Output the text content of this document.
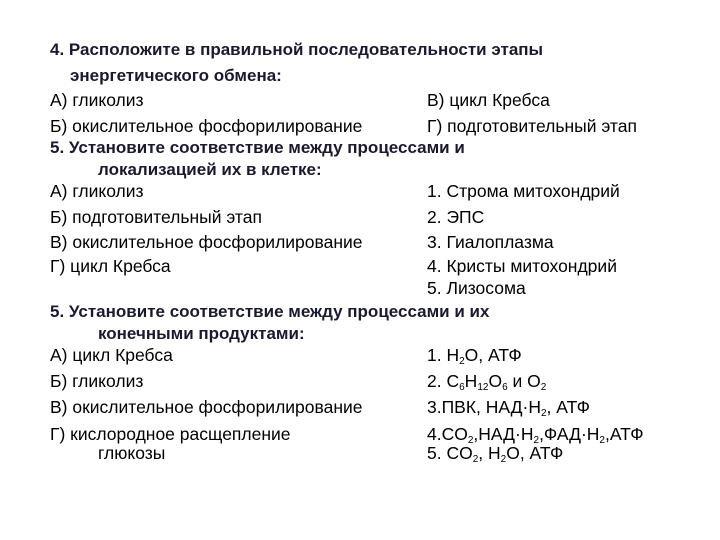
4. Расположите в правильной последовательности этапы
энергетического обмена:
А) гликолиз	В) цикл Кребса
Б) окислительное фосфорилирование	Г) подготовительный этап
5. Установите соответствие между процессами и
локализацией их в клетке:
А) гликолиз	1. Строма митохондрий
Б) подготовительный этап	2. ЭПС
В) окислительное фосфорилирование	3. Гиалоплазма
Г) цикл Кребса	4. Кристы митохондрий
5. Лизосома
5. Установите соответствие между процессами и их
конечными продуктами:
А) цикл Кребса	1. $H_2O$, АТФ
Б) гликолиз	2. $C_6H_{12}O_6$ и $O_2$
В) окислительное фосфорилирование	3.ПВК, $НАД\cdot H_2$, АТФ
Г) кислородное расщепление	$4.CO_2,НАД\cdot H_2,ФАД\cdot H_2,АТФ$
глюкозы	5. $CO_2$, $H_2O$, АТФ
